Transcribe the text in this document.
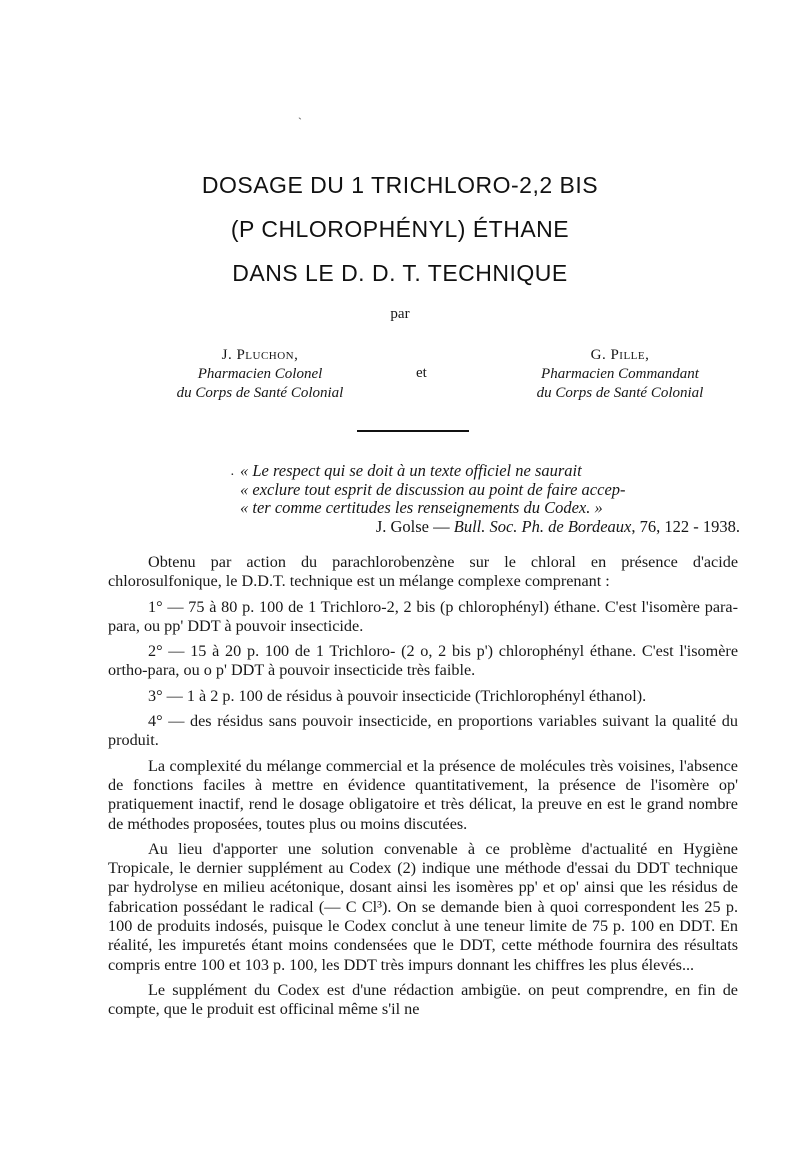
ˋ
DOSAGE DU 1 TRICHLORO-2,2 BIS
(P CHLOROPHÉNYL) ÉTHANE
DANS LE D. D. T. TECHNIQUE
par
J. Pluchon,
Pharmacien Colonel
du Corps de Santé Colonial
et
G. Pille,
Pharmacien Commandant
du Corps de Santé Colonial
· « Le respect qui se doit à un texte officiel ne saurait
« exclure tout esprit de discussion au point de faire accep-
« ter comme certitudes les renseignements du Codex. »
J. Golse — Bull. Soc. Ph. de Bordeaux, 76, 122 - 1938.

Obtenu par action du parachlorobenzène sur le chloral en présence d'acide chlorosulfonique, le D.D.T. technique est un mélange complexe comprenant :

1° — 75 à 80 p. 100 de 1 Trichloro-2, 2 bis (p chlorophényl) éthane. C'est l'isomère para-para, ou pp' DDT à pouvoir insecticide.

2° — 15 à 20 p. 100 de 1 Trichloro- (2 o, 2 bis p') chlorophényl éthane. C'est l'isomère ortho-para, ou o p' DDT à pouvoir insecticide très faible.

3° — 1 à 2 p. 100 de résidus à pouvoir insecticide (Trichlorophényl éthanol).

4° — des résidus sans pouvoir insecticide, en proportions variables suivant la qualité du produit.

La complexité du mélange commercial et la présence de molécules très voisines, l'absence de fonctions faciles à mettre en évidence quantitativement, la présence de l'isomère op' pratiquement inactif, rend le dosage obligatoire et très délicat, la preuve en est le grand nombre de méthodes proposées, toutes plus ou moins discutées.

Au lieu d'apporter une solution convenable à ce problème d'actualité en Hygiène Tropicale, le dernier supplément au Codex (2) indique une méthode d'essai du DDT technique par hydrolyse en milieu acétonique, dosant ainsi les isomères pp' et op' ainsi que les résidus de fabrication possédant le radical (— C Cl³). On se demande bien à quoi correspondent les 25 p. 100 de produits indosés, puisque le Codex conclut à une teneur limite de 75 p. 100 en DDT. En réalité, les impuretés étant moins condensées que le DDT, cette méthode fournira des résultats compris entre 100 et 103 p. 100, les DDT très impurs donnant les chiffres les plus élevés...

Le supplément du Codex est d'une rédaction ambigüe. on peut comprendre, en fin de compte, que le produit est officinal même s'il ne
